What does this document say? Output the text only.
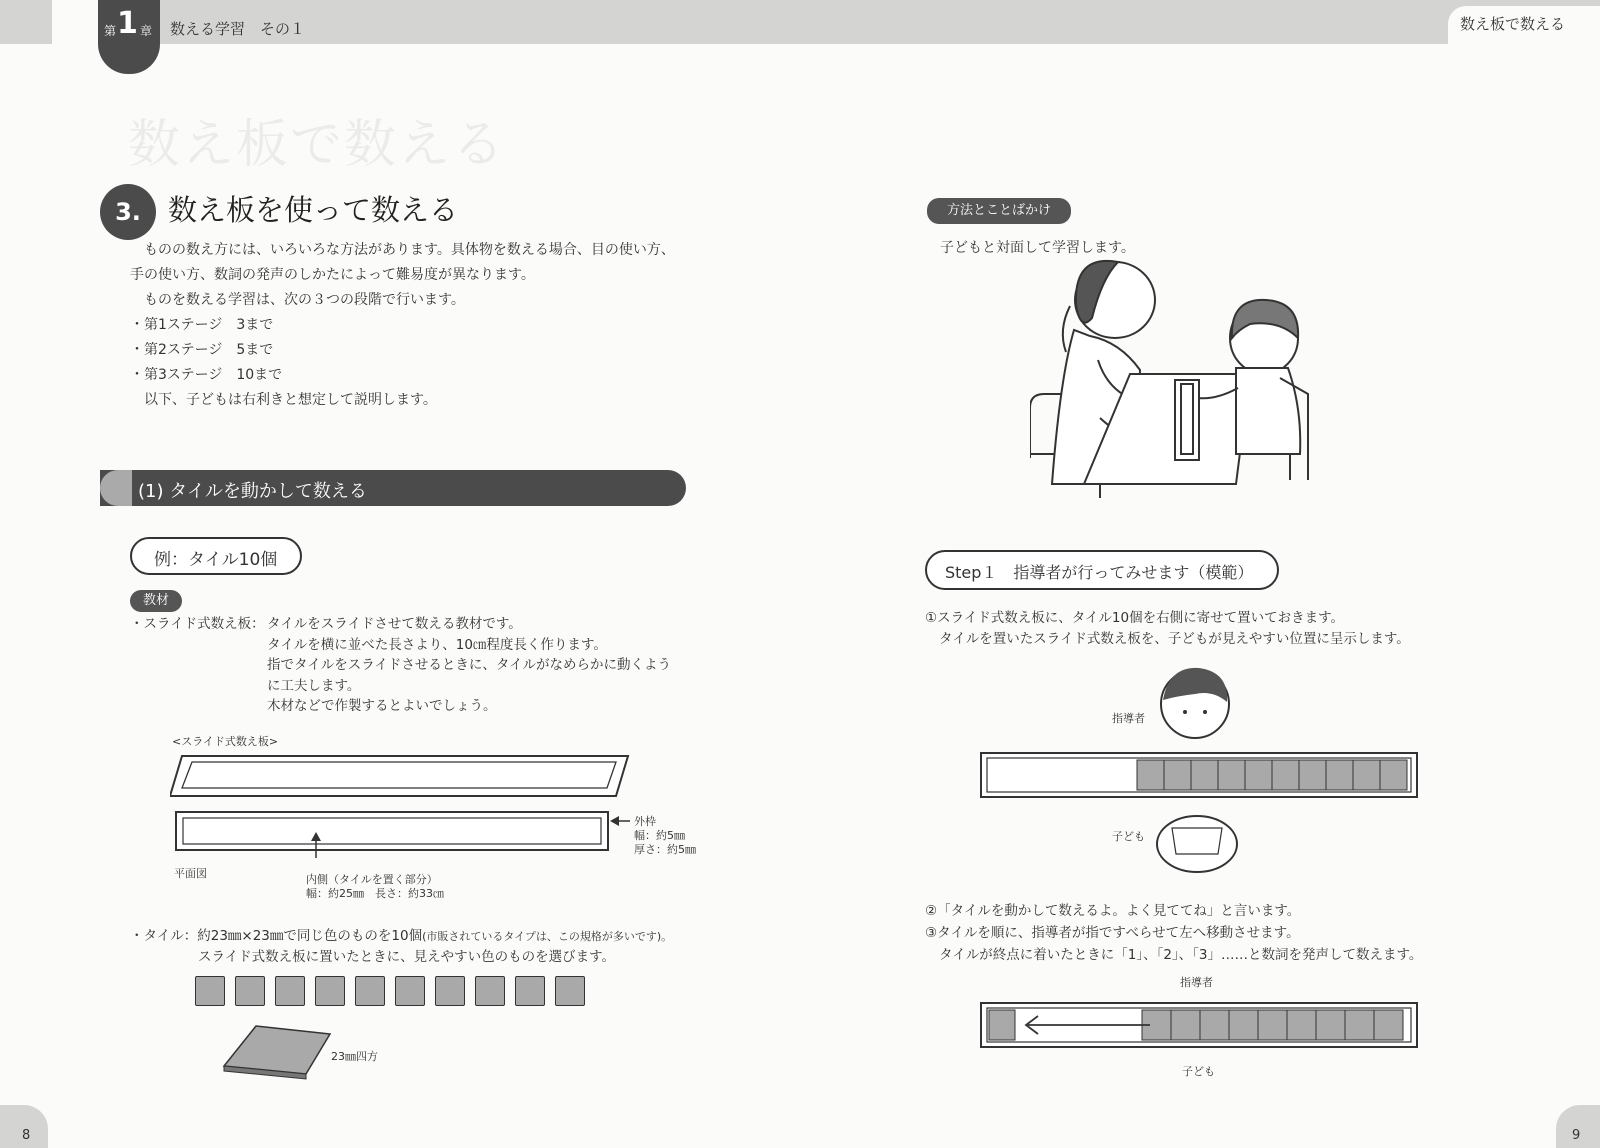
第 1 章 数える学習　その１	数え板で数える
数え板で数える
3. 数え板を使って数える
ものの数え方には、いろいろな方法があります。具体物を数える場合、目の使い方、
手の使い方、数詞の発声のしかたによって難易度が異なります。
ものを数える学習は、次の３つの段階で行います。
・第1ステージ　3まで
・第2ステージ　5まで
・第3ステージ　10まで
以下、子どもは右利きと想定して説明します。
(1) タイルを動かして数える
例：タイル10個
教材
・スライド式数え板： タイルをスライドさせて数える教材です。
タイルを横に並べた長さより、10㎝程度長く作ります。
指でタイルをスライドさせるときに、タイルがなめらかに動くよう
に工夫します。
木材などで作製するとよいでしょう。
<スライド式数え板>
外枠
幅：約5㎜
厚さ：約5㎜
平面図	内側（タイルを置く部分）
幅：約25㎜　長さ：約33㎝
・タイル：約23㎜×23㎜で同じ色のものを10個(市販されているタイプは、この規格が多いです)。
スライド式数え板に置いたときに、見えやすい色のものを選びます。
23㎜四方
8
方法とことばかけ
子どもと対面して学習します。
Step１　指導者が行ってみせます（模範）
①スライド式数え板に、タイル10個を右側に寄せて置いておきます。
タイルを置いたスライド式数え板を、子どもが見えやすい位置に呈示します。
指導者
子ども
②「タイルを動かして数えるよ。よく見ててね」と言います。
③タイルを順に、指導者が指ですべらせて左へ移動させます。
タイルが終点に着いたときに「1」、「2」、「3」……と数詞を発声して数えます。
指導者
子ども
9
